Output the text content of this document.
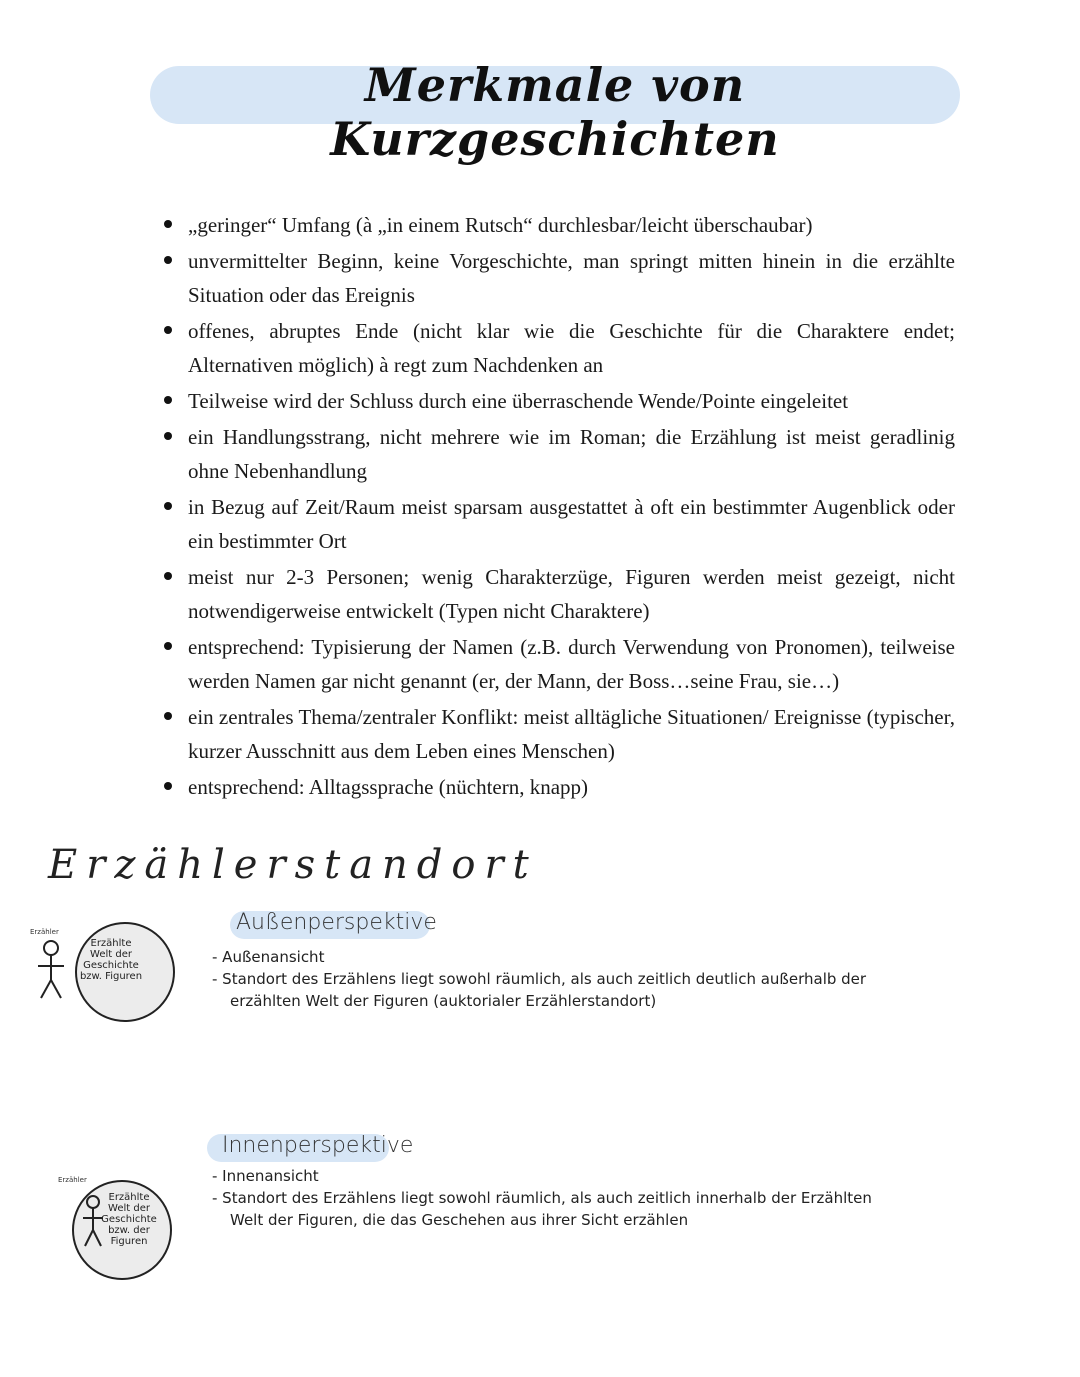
Merkmale von Kurzgeschichten
„geringer“ Umfang (à „in einem Rutsch“ durchlesbar/leicht überschaubar)
unvermittelter Beginn, keine Vorgeschichte, man springt mitten hinein in die erzählte Situation oder das Ereignis
offenes, abruptes Ende (nicht klar wie die Geschichte für die Charaktere endet; Alternativen möglich) à regt zum Nachdenken an
Teilweise wird der Schluss durch eine überraschende Wende/Pointe eingeleitet
ein Handlungsstrang, nicht mehrere wie im Roman; die Erzählung ist meist geradlinig ohne Nebenhandlung
in Bezug auf Zeit/Raum meist sparsam ausgestattet à oft ein bestimmter Augenblick oder ein bestimmter Ort
meist nur 2-3 Personen; wenig Charakterzüge, Figuren werden meist gezeigt, nicht notwendigerweise entwickelt (Typen nicht Charaktere)
entsprechend: Typisierung der Namen (z.B. durch Verwendung von Pronomen), teilweise werden Namen gar nicht genannt (er, der Mann, der Boss…seine Frau, sie…)
ein zentrales Thema/zentraler Konflikt: meist alltägliche Situationen/ Ereignisse (typischer, kurzer Ausschnitt aus dem Leben eines Menschen)
entsprechend: Alltagssprache (nüchtern, knapp)
Erzählerstandort
Erzähler
Erzählte Welt der Geschichte bzw. Figuren
Außenperspektive
- Außenansicht
- Standort des Erzählens liegt sowohl räumlich, als auch zeitlich deutlich außerhalb der
erzählten Welt der Figuren (auktorialer Erzählerstandort)
Erzähler
Erzählte Welt der Geschichte bzw. der Figuren
Innenperspektive
- Innenansicht
- Standort des Erzählens liegt sowohl räumlich, als auch zeitlich innerhalb der Erzählten
Welt der Figuren, die das Geschehen aus ihrer Sicht erzählen
